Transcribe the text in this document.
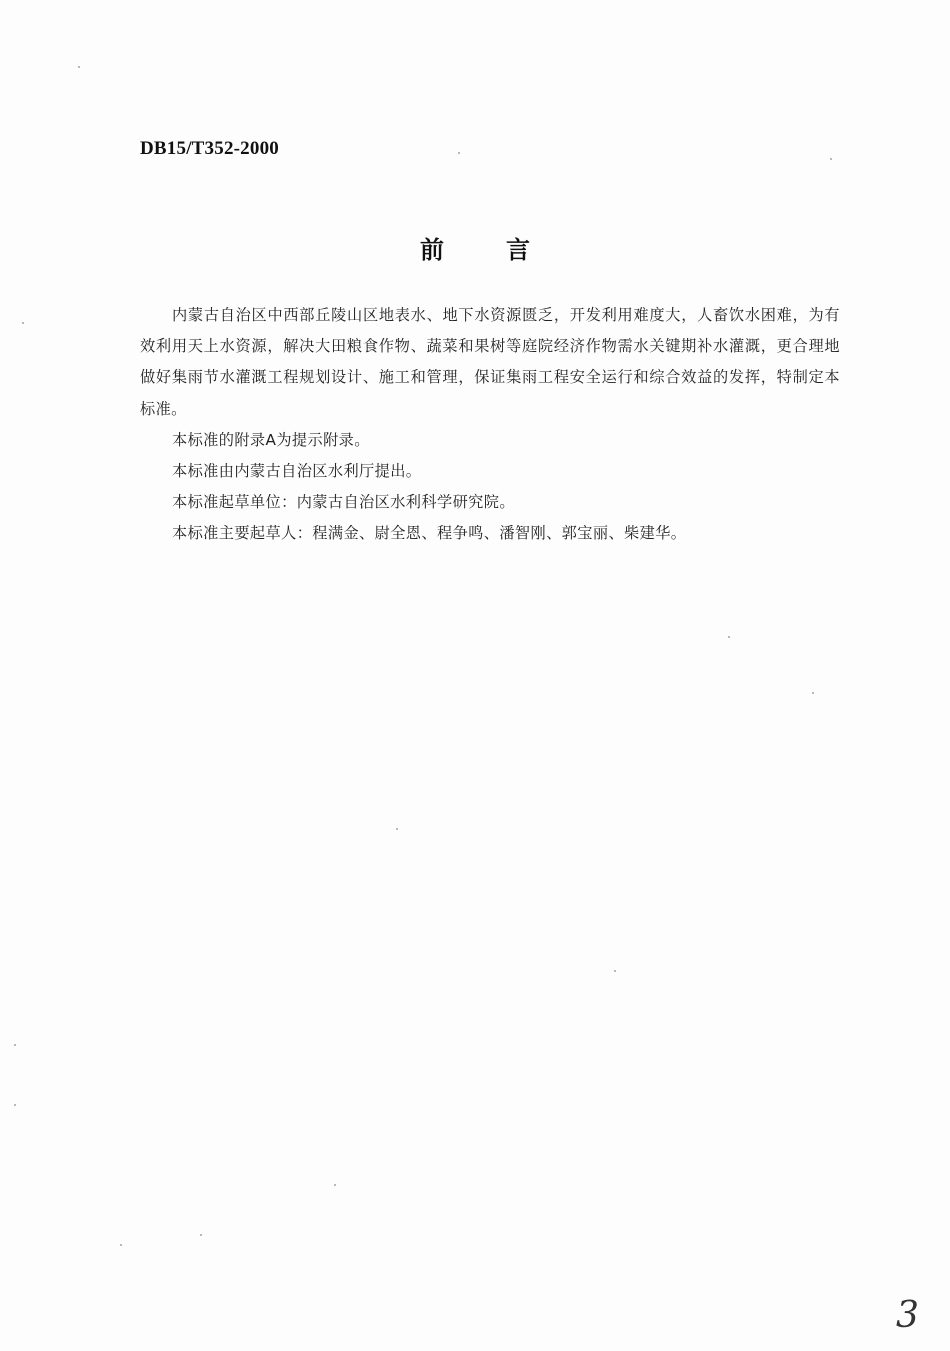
DB15/T352-2000
前	言

内蒙古自治区中西部丘陵山区地表水、地下水资源匮乏，开发利用难度大，人畜饮水困难，为有效利用天上水资源，解决大田粮食作物、蔬菜和果树等庭院经济作物需水关键期补水灌溉，更合理地做好集雨节水灌溉工程规划设计、施工和管理，保证集雨工程安全运行和综合效益的发挥，特制定本标准。

本标准的附录A为提示附录。

本标准由内蒙古自治区水利厅提出。

本标准起草单位：内蒙古自治区水利科学研究院。

本标准主要起草人：程满金、尉全恩、程争鸣、潘智刚、郭宝丽、柴建华。

3
